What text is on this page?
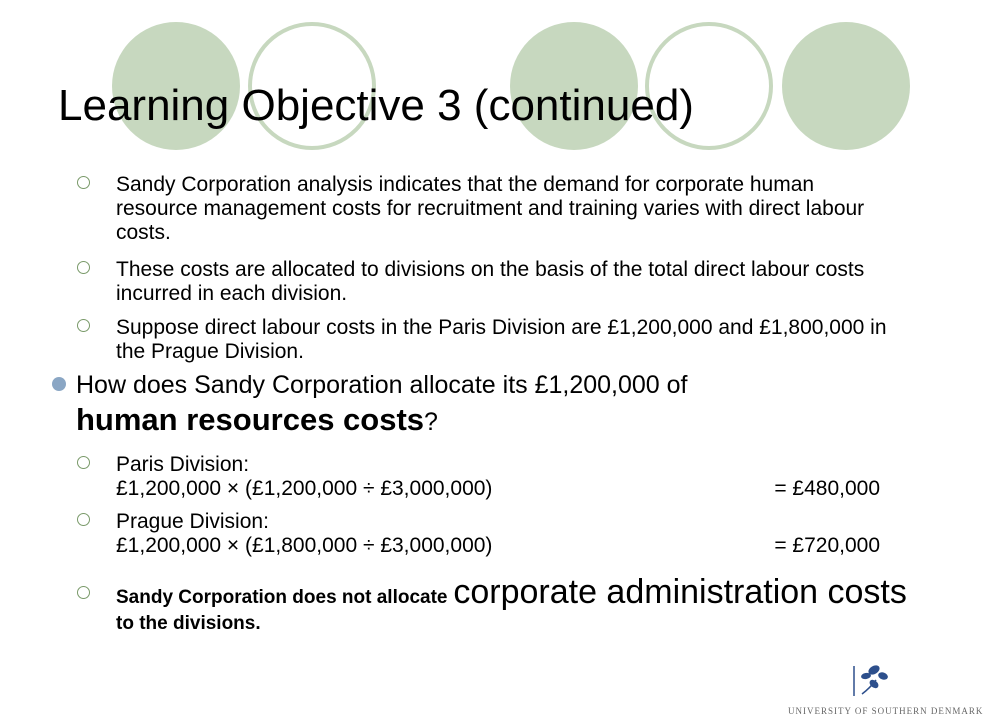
Learning Objective 3 (continued)
Sandy Corporation analysis indicates that the demand for corporate human resource management costs for recruitment and training varies with direct labour costs.
These costs are allocated to divisions on the basis of the total direct labour costs incurred in each division.
Suppose direct labour costs in the Paris Division are £1,200,000 and £1,800,000 in the Prague Division.
How does Sandy Corporation allocate its £1,200,000 of
human resources costs?
Paris Division:
£1,200,000 × (£1,200,000 ÷ £3,000,000)	= £480,000
Prague Division:
£1,200,000 × (£1,800,000 ÷ £3,000,000)	= £720,000
Sandy Corporation does not allocate corporate administration costs to the divisions.
UNIVERSITY OF SOUTHERN DENMARK
